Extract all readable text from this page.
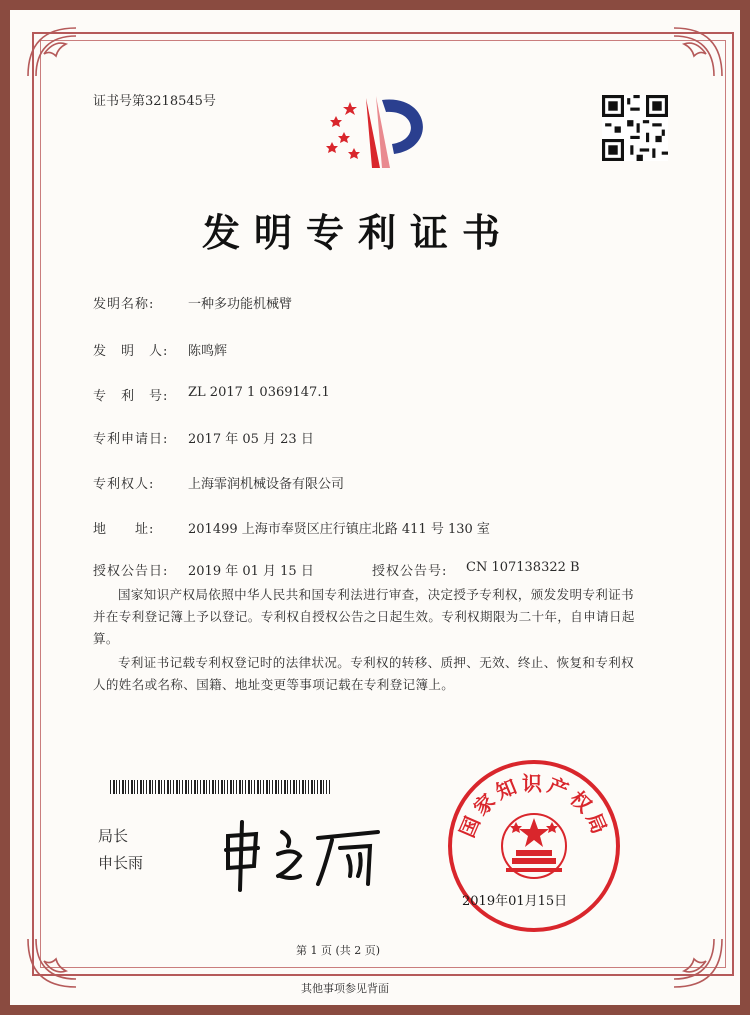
证书号第3218545号
发明专利证书
发明名称:	一种多功能机械臂
发　明　人: 陈鸣辉
专　利　号: ZL 2017 1 0369147.1
专利申请日: 2017 年 05 月 23 日
专利权人:	上海霏润机械设备有限公司
地　　址:	201499 上海市奉贤区庄行镇庄北路 411 号 130 室
授权公告日: 2019 年 01 月 15 日	授权公告号: CN 107138322 B
国家知识产权局依照中华人民共和国专利法进行审查，决定授予专利权，颁发发明专利证书并在专利登记簿上予以登记。专利权自授权公告之日起生效。专利权期限为二十年，自申请日起算。
专利证书记载专利权登记时的法律状况。专利权的转移、质押、无效、终止、恢复和专利权人的姓名或名称、国籍、地址变更等事项记载在专利登记簿上。
局长
申长雨
国家知识产权局
2019年01月15日
第 1 页 (共 2 页)
其他事项参见背面
